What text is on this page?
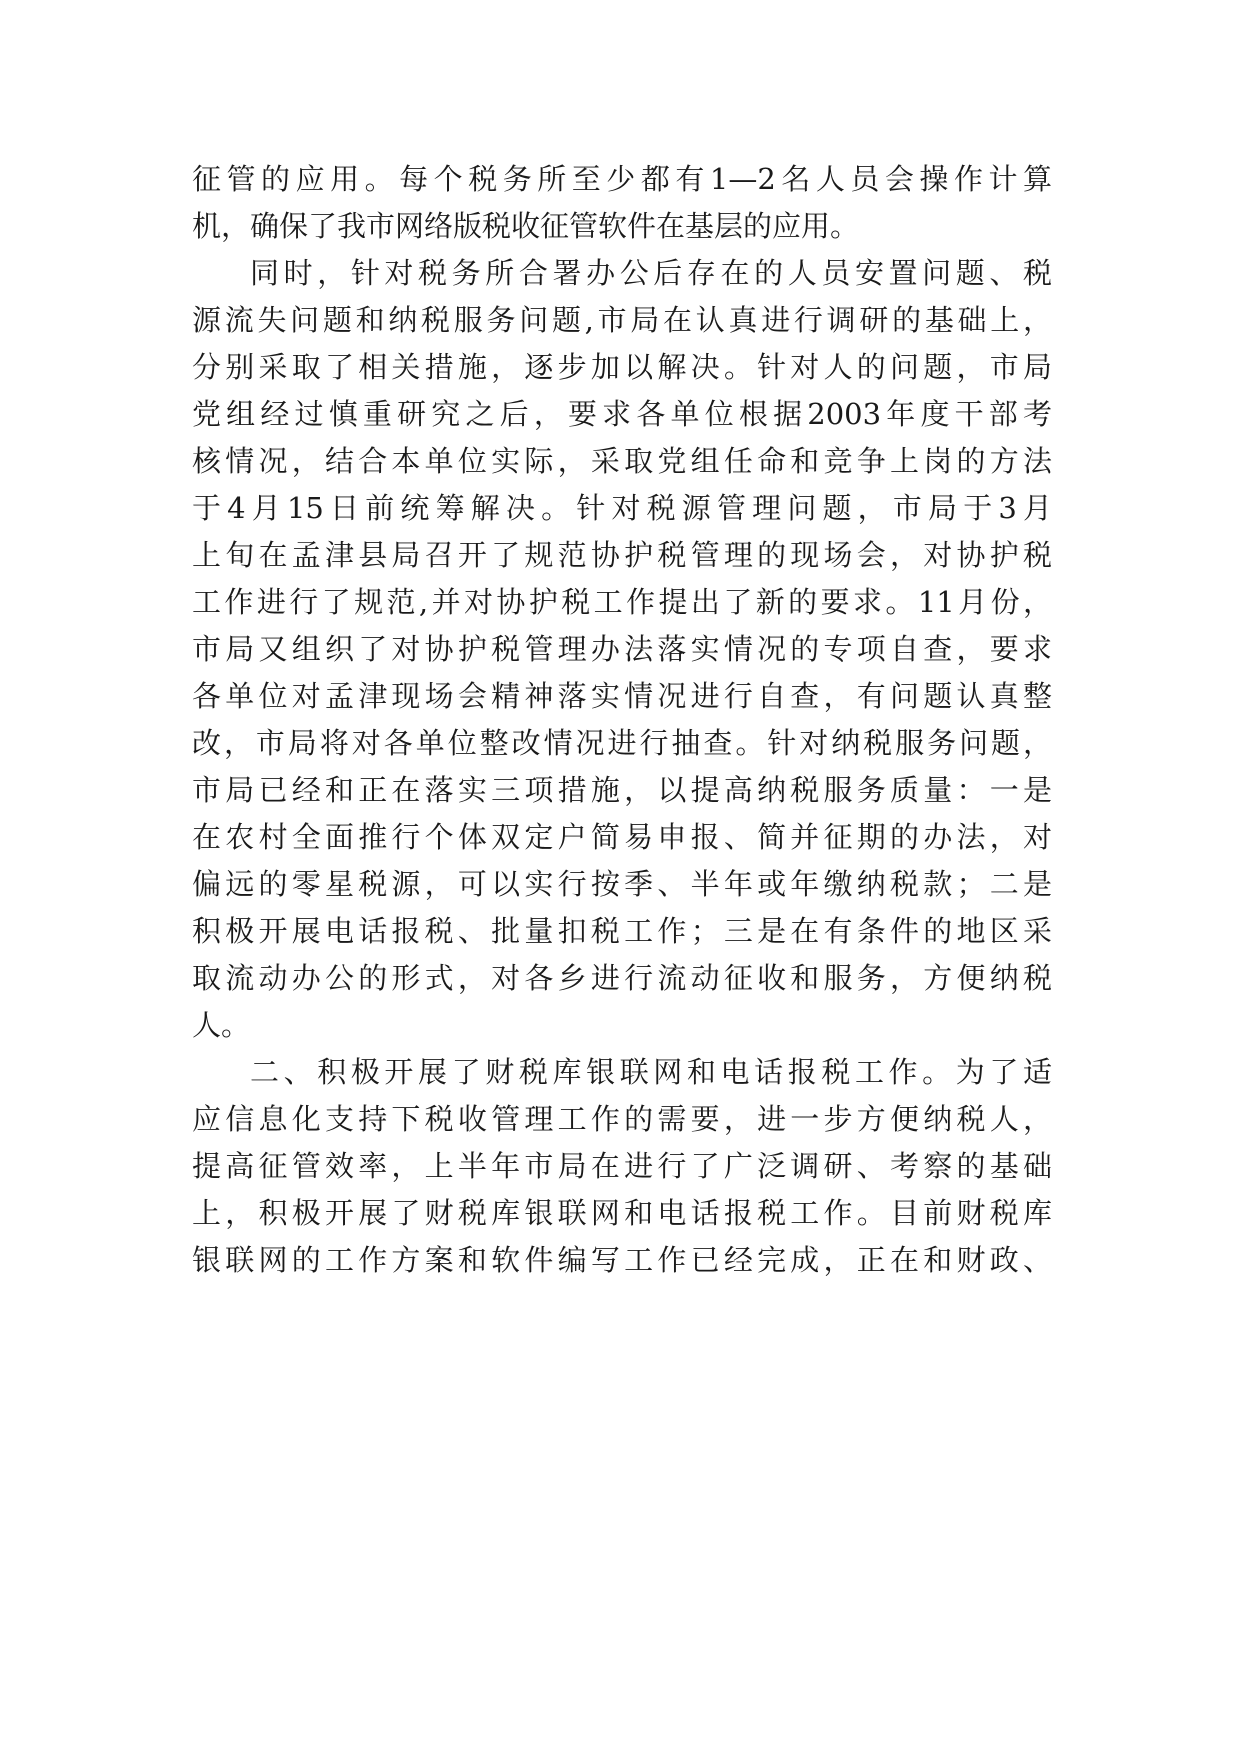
征管的应用。每个税务所至少都有1—2名人员会操作计算
机，确保了我市网络版税收征管软件在基层的应用。
同时，针对税务所合署办公后存在的人员安置问题、税
源流失问题和纳税服务问题,市局在认真进行调研的基础上，
分别采取了相关措施，逐步加以解决。针对人的问题，市局
党组经过慎重研究之后，要求各单位根据2003年度干部考
核情况，结合本单位实际，采取党组任命和竞争上岗的方法
于4月15日前统筹解决。针对税源管理问题，市局于3月
上旬在孟津县局召开了规范协护税管理的现场会，对协护税
工作进行了规范,并对协护税工作提出了新的要求。11月份，
市局又组织了对协护税管理办法落实情况的专项自查，要求
各单位对孟津现场会精神落实情况进行自查，有问题认真整
改，市局将对各单位整改情况进行抽查。针对纳税服务问题，
市局已经和正在落实三项措施，以提高纳税服务质量：一是
在农村全面推行个体双定户简易申报、简并征期的办法，对
偏远的零星税源，可以实行按季、半年或年缴纳税款；二是
积极开展电话报税、批量扣税工作；三是在有条件的地区采
取流动办公的形式，对各乡进行流动征收和服务，方便纳税
人。
二、积极开展了财税库银联网和电话报税工作。为了适
应信息化支持下税收管理工作的需要，进一步方便纳税人，
提高征管效率，上半年市局在进行了广泛调研、考察的基础
上，积极开展了财税库银联网和电话报税工作。目前财税库
银联网的工作方案和软件编写工作已经完成，正在和财政、
